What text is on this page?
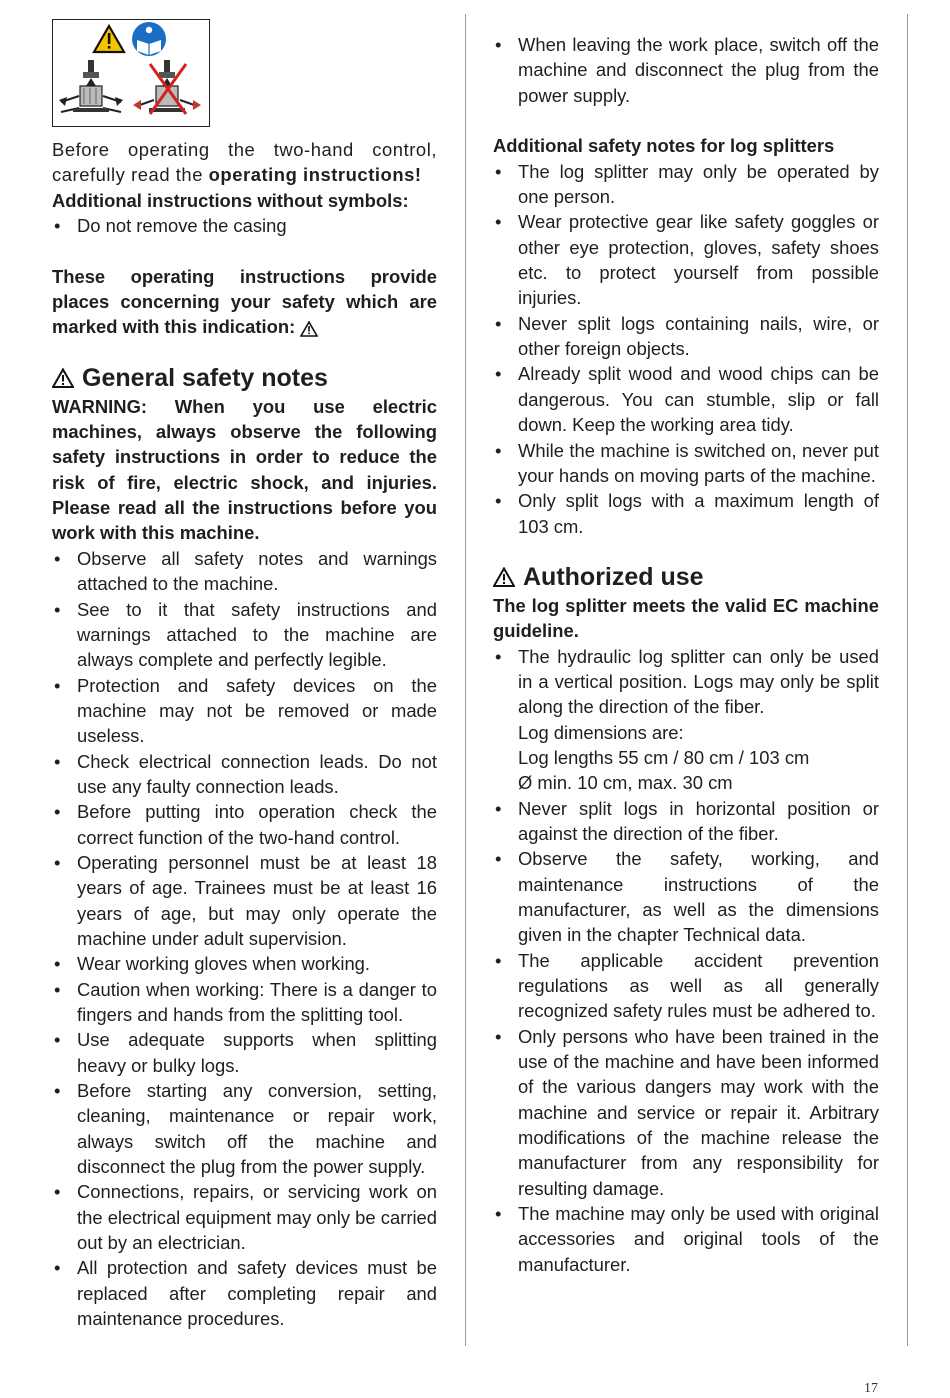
Before operating the two-hand control, carefully read the operating instructions!

Additional instructions without symbols:

• Do not remove the casing

These operating instructions provide places concerning your safety which are marked with this indication:

General safety notes

WARNING: When you use electric machines, always observe the following safety instructions in order to reduce the risk of fire, electric shock, and injuries. Please read all the instructions before you work with this machine.

• Observe all safety notes and warnings attached to the machine.
• See to it that safety instructions and warnings attached to the machine are always complete and perfectly legible.
• Protection and safety devices on the machine may not be removed or made useless.
• Check electrical connection leads. Do not use any faulty connection leads.
• Before putting into operation check the correct function of the two-hand control.
• Operating personnel must be at least 18 years of age. Trainees must be at least 16 years of age, but may only operate the machine under adult supervision.
• Wear working gloves when working.
• Caution when working: There is a danger to fingers and hands from the splitting tool.
• Use adequate supports when splitting heavy or bulky logs.
• Before starting any conversion, setting, cleaning, maintenance or repair work, always switch off the machine and disconnect the plug from the power supply.
• Connections, repairs, or servicing work on the electrical equipment may only be carried out by an electrician.
• All protection and safety devices must be replaced after completing repair and maintenance procedures.
• When leaving the work place, switch off the machine and disconnect the plug from the power supply.

Additional safety notes for log splitters

• The log splitter may only be operated by one person.
• Wear protective gear like safety goggles or other eye protection, gloves, safety shoes etc. to protect yourself from possible injuries.
• Never split logs containing nails, wire, or other foreign objects.
• Already split wood and wood chips can be dangerous. You can stumble, slip or fall down. Keep the working area tidy.
• While the machine is switched on, never put your hands on moving parts of the machine.
• Only split logs with a maximum length of 103 cm.
Authorized use

The log splitter meets the valid EC machine guideline.

• The hydraulic log splitter can only be used in a vertical position. Logs may only be split along the direction of the fiber.
Log dimensions are:
Log lengths 55 cm / 80 cm / 103 cm
Ø min. 10 cm, max. 30 cm
• Never split logs in horizontal position or against the direction of the fiber.
• Observe the safety, working, and maintenance instructions of the manufacturer, as well as the dimensions given in the chapter Technical data.
• The applicable accident prevention regulations as well as all generally recognized safety rules must be adhered to.
• Only persons who have been trained in the use of the machine and have been informed of the various dangers may work with the machine and service or repair it. Arbitrary modifications of the machine release the manufacturer from any responsibility for resulting damage.
• The machine may only be used with original accessories and original tools of the manufacturer.
17
